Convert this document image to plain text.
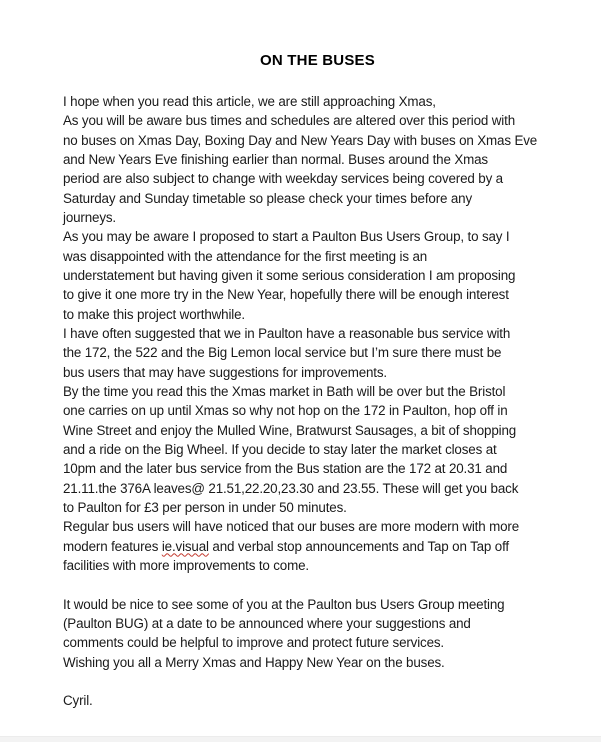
ON THE BUSES
I hope when you read this article, we are still approaching Xmas,
As you will be aware bus times and schedules are altered over this period with
no buses on Xmas Day, Boxing Day and New Years Day with buses on Xmas Eve
and New Years Eve finishing earlier than normal. Buses around the Xmas
period are also subject to change with weekday services being covered by a
Saturday and Sunday timetable so please check your times before any
journeys.
As you may be aware I proposed to start a Paulton Bus Users Group, to say I
was disappointed with the attendance for the first meeting is an
understatement but having given it some serious consideration I am proposing
to give it one more try in the New Year, hopefully there will be enough interest
to make this project worthwhile.
I have often suggested that we in Paulton have a reasonable bus service with
the 172, the 522 and the Big Lemon local service but I’m sure there must be
bus users that may have suggestions for improvements.
By the time you read this the Xmas market in Bath will be over but the Bristol
one carries on up until Xmas so why not hop on the 172 in Paulton, hop off in
Wine Street and enjoy the Mulled Wine, Bratwurst Sausages, a bit of shopping
and a ride on the Big Wheel. If you decide to stay later the market closes at
10pm and the later bus service from the Bus station are the 172 at 20.31 and
21.11.the 376A leaves@ 21.51,22.20,23.30 and 23.55. These will get you back
to Paulton for £3 per person in under 50 minutes.
Regular bus users will have noticed that our buses are more modern with more
modern features ie.visual and verbal stop announcements and Tap on Tap off
facilities with more improvements to come.

It would be nice to see some of you at the Paulton bus Users Group meeting
(Paulton BUG) at a date to be announced where your suggestions and
comments could be helpful to improve and protect future services.
Wishing you all a Merry Xmas and Happy New Year on the buses.

Cyril.
